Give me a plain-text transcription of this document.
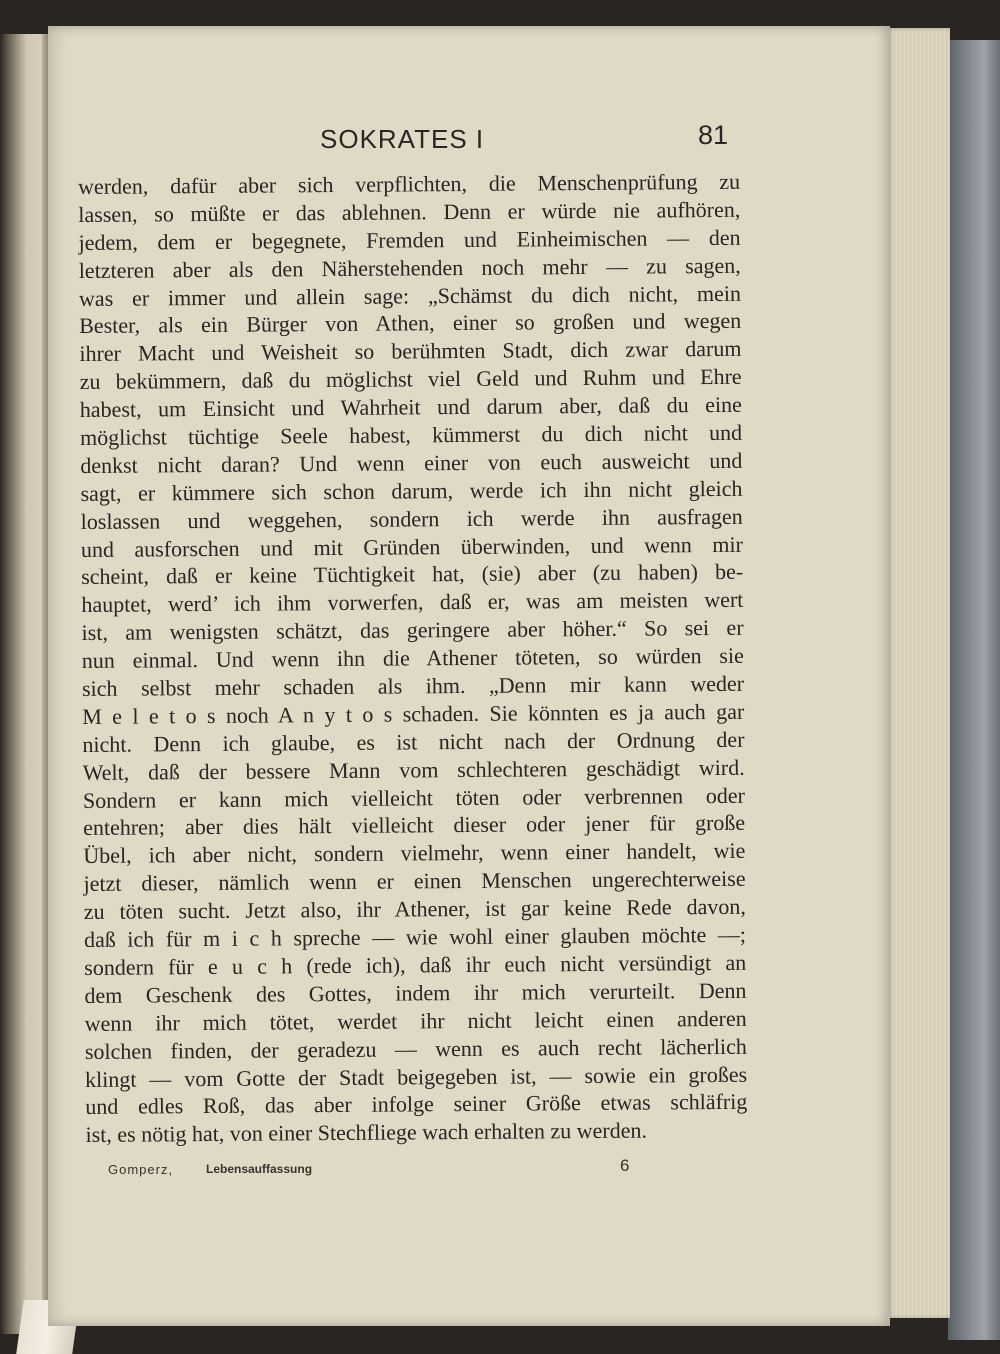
SOKRATES I	81

werden, dafür aber sich verpflichten, die Menschenprüfung zu
lassen, so müßte er das ablehnen. Denn er würde nie aufhören,
jedem, dem er begegnete, Fremden und Einheimischen — den
letzteren aber als den Näherstehenden noch mehr — zu sagen,
was er immer und allein sage: „Schämst du dich nicht, mein
Bester, als ein Bürger von Athen, einer so großen und wegen
ihrer Macht und Weisheit so berühmten Stadt, dich zwar darum
zu bekümmern, daß du möglichst viel Geld und Ruhm und Ehre
habest, um Einsicht und Wahrheit und darum aber, daß du eine
möglichst tüchtige Seele habest, kümmerst du dich nicht und
denkst nicht daran? Und wenn einer von euch ausweicht und
sagt, er kümmere sich schon darum, werde ich ihn nicht gleich
loslassen und weggehen, sondern ich werde ihn ausfragen
und ausforschen und mit Gründen überwinden, und wenn mir
scheint, daß er keine Tüchtigkeit hat, (sie) aber (zu haben) be-
hauptet, werd’ ich ihm vorwerfen, daß er, was am meisten wert
ist, am wenigsten schätzt, das geringere aber höher.“ So sei er
nun einmal. Und wenn ihn die Athener töteten, so würden sie
sich selbst mehr schaden als ihm. „Denn mir kann weder
M e l e t o s noch A n y t o s schaden. Sie könnten es ja auch gar
nicht. Denn ich glaube, es ist nicht nach der Ordnung der
Welt, daß der bessere Mann vom schlechteren geschädigt wird.
Sondern er kann mich vielleicht töten oder verbrennen oder
entehren; aber dies hält vielleicht dieser oder jener für große
Übel, ich aber nicht, sondern vielmehr, wenn einer handelt, wie
jetzt dieser, nämlich wenn er einen Menschen ungerechterweise
zu töten sucht. Jetzt also, ihr Athener, ist gar keine Rede davon,
daß ich für m i c h spreche — wie wohl einer glauben möchte —;
sondern für e u c h (rede ich), daß ihr euch nicht versündigt an
dem Geschenk des Gottes, indem ihr mich verurteilt. Denn
wenn ihr mich tötet, werdet ihr nicht leicht einen anderen
solchen finden, der geradezu — wenn es auch recht lächerlich
klingt — vom Gotte der Stadt beigegeben ist, — sowie ein großes
und edles Roß, das aber infolge seiner Größe etwas schläfrig
ist, es nötig hat, von einer Stechfliege wach erhalten zu werden.
Gomperz,	Lebensauffassung	6
